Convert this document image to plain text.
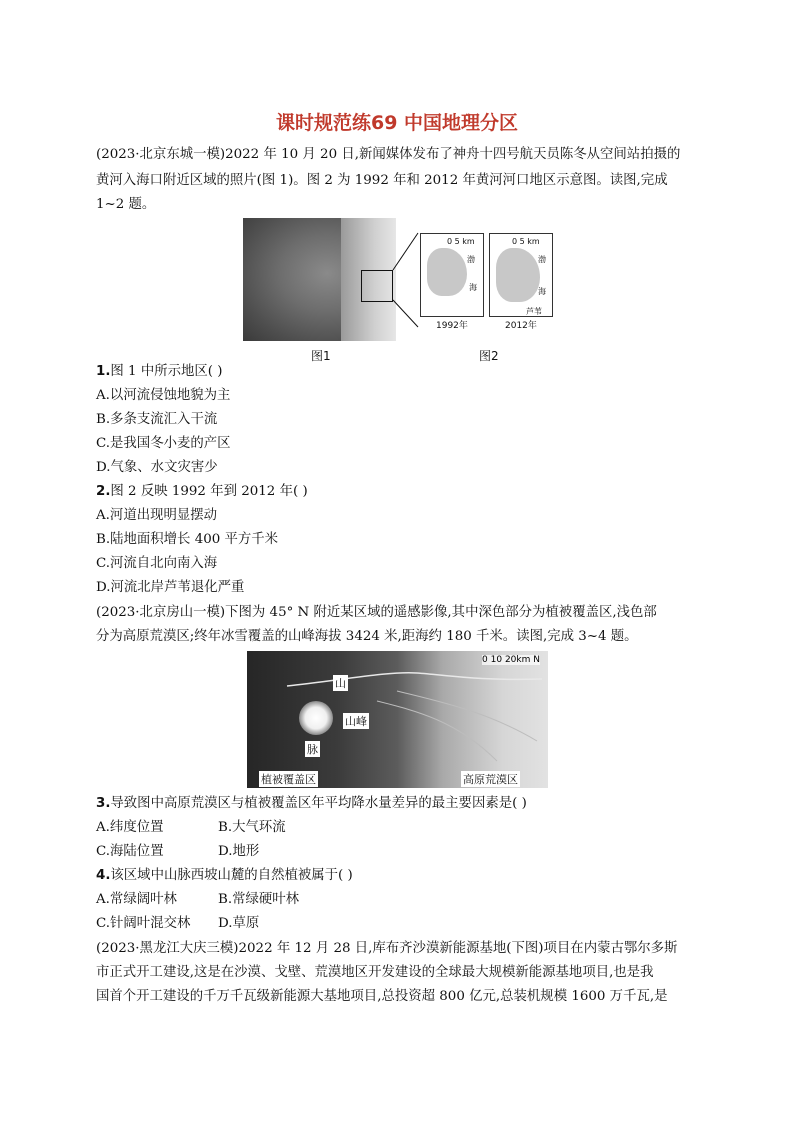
课时规范练69 中国地理分区
(2023·北京东城一模)2022 年 10 月 20 日,新闻媒体发布了神舟十四号航天员陈冬从空间站拍摄的
黄河入海口附近区域的照片(图 1)。图 2 为 1992 年和 2012 年黄河河口地区示意图。读图,完成
1~2 题。
0 5 km
渤
海
0 5 km
渤
海
芦苇
1992年	2012年
图1	图2
1.图 1 中所示地区( )
A.以河流侵蚀地貌为主
B.多条支流汇入干流
C.是我国冬小麦的产区
D.气象、水文灾害少
2.图 2 反映 1992 年到 2012 年( )
A.河道出现明显摆动
B.陆地面积增长 400 平方千米
C.河流自北向南入海
D.河流北岸芦苇退化严重
(2023·北京房山一模)下图为 45° N 附近某区域的遥感影像,其中深色部分为植被覆盖区,浅色部
分为高原荒漠区;终年冰雪覆盖的山峰海拔 3424 米,距海约 180 千米。读图,完成 3~4 题。
山
山峰
脉
植被覆盖区	高原荒漠区
0 10 20km N
3.导致图中高原荒漠区与植被覆盖区年平均降水量差异的最主要因素是( )
A.纬度位置	B.大气环流
C.海陆位置	D.地形
4.该区域中山脉西坡山麓的自然植被属于( )
A.常绿阔叶林	B.常绿硬叶林
C.针阔叶混交林 D.草原
(2023·黑龙江大庆三模)2022 年 12 月 28 日,库布齐沙漠新能源基地(下图)项目在内蒙古鄂尔多斯
市正式开工建设,这是在沙漠、戈壁、荒漠地区开发建设的全球最大规模新能源基地项目,也是我
国首个开工建设的千万千瓦级新能源大基地项目,总投资超 800 亿元,总装机规模 1600 万千瓦,是
